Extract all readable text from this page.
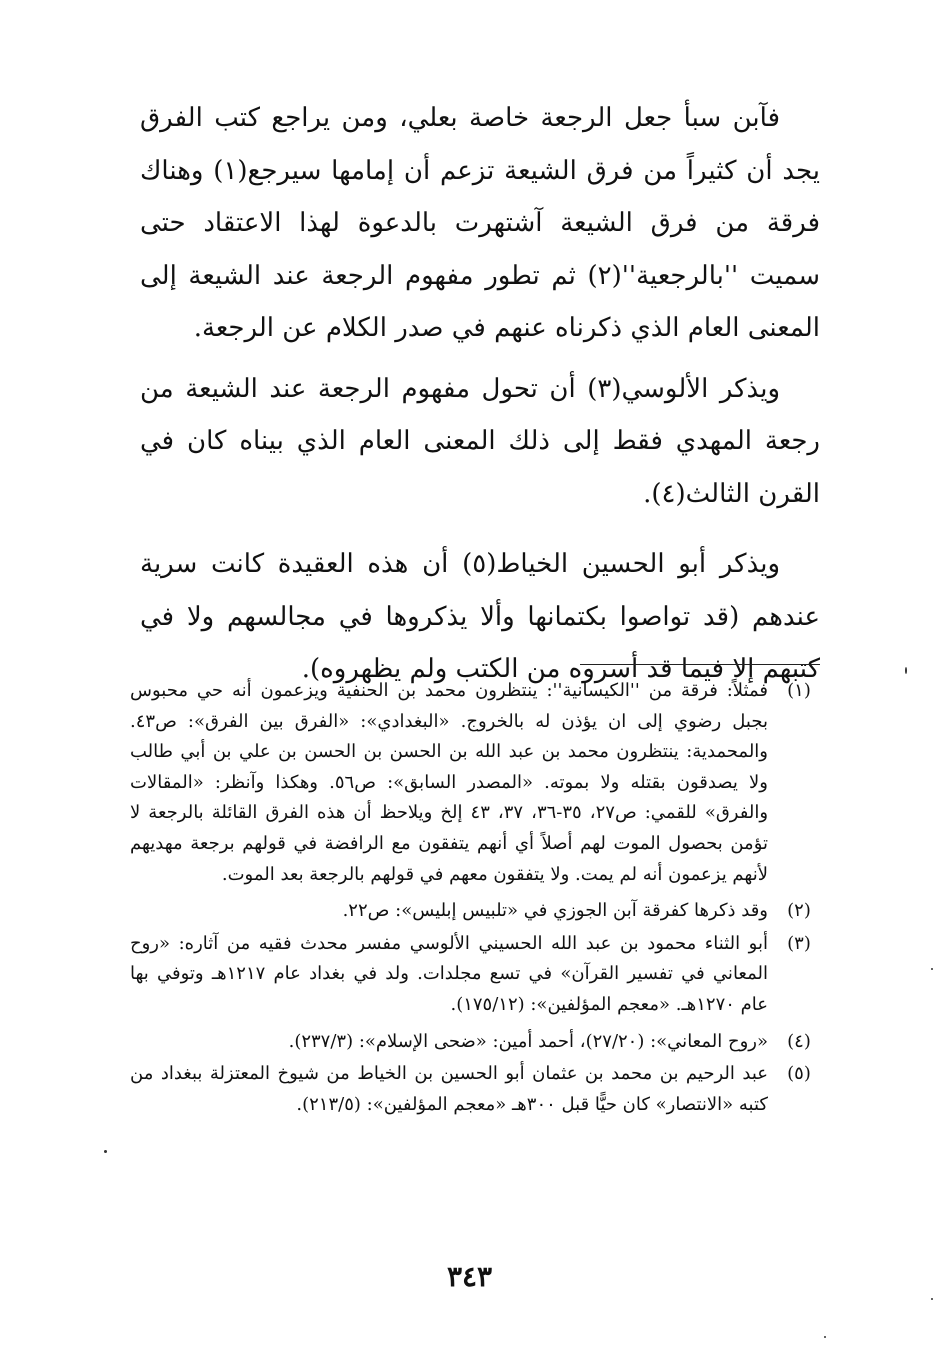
فآبن سبأ جعل الرجعة خاصة بعلي، ومن يراجع كتب الفرق يجد أن كثيراً من فرق الشيعة تزعم أن إمامها سيرجع(١) وهناك فرقة من فرق الشيعة آشتهرت بالدعوة لهذا الاعتقاد حتى سميت ''بالرجعية''(٢) ثم تطور مفهوم الرجعة عند الشيعة إلى المعنى العام الذي ذكرناه عنهم في صدر الكلام عن الرجعة.

ويذكر الألوسي(٣) أن تحول مفهوم الرجعة عند الشيعة من رجعة المهدي فقط إلى ذلك المعنى العام الذي بيناه كان في القرن الثالث(٤).

ويذكر أبو الحسين الخياط(٥) أن هذه العقيدة كانت سرية عندهم (قد تواصوا بكتمانها وألا يذكروها في مجالسهم ولا في كتبهم إلا فيما قد أسروه من الكتب ولم يظهروه).

(١)
فمثلاً: فرقة من ''الكيسانية'': ينتظرون محمد بن الحنفية ويزعمون أنه حي محبوس بجبل رضوي إلى ان يؤذن له بالخروج. «البغدادي»: «الفرق بين الفرق»: ص٤٣. والمحمدية: ينتظرون محمد بن عبد الله بن الحسن بن الحسن بن علي بن أبي طالب ولا يصدقون بقتله ولا بموته. «المصدر السابق»: ص٥٦. وهكذا وآنظر: «المقالات والفرق» للقمي: ص٢٧، ٣٥-٣٦، ٣٧، ٤٣ إلخ ويلاحظ أن هذه الفرق القائلة بالرجعة لا تؤمن بحصول الموت لهم أصلاً أي أنهم يتفقون مع الرافضة في قولهم برجعة مهديهم لأنهم يزعمون أنه لم يمت. ولا يتفقون معهم في قولهم بالرجعة بعد الموت.
(٢)
وقد ذكرها كفرقة آبن الجوزي في «تلبيس إبليس»: ص٢٢.
(٣)
أبو الثناء محمود بن عبد الله الحسيني الألوسي مفسر محدث فقيه من آثاره: «روح المعاني في تفسير القرآن» في تسع مجلدات. ولد في بغداد عام ١٢١٧هـ وتوفي بها عام ١٢٧٠هـ. «معجم المؤلفين»: (١٧٥/١٢).
(٤)
«روح المعاني»: (٢٧/٢٠)، أحمد أمين: «ضحى الإسلام»: (٢٣٧/٣).
(٥)
عبد الرحيم بن محمد بن عثمان أبو الحسين بن الخياط من شيوخ المعتزلة ببغداد من كتبه «الانتصار» كان حيًّا قبل ٣٠٠هـ «معجم المؤلفين»: (٢١٣/٥).
٣٤٣
